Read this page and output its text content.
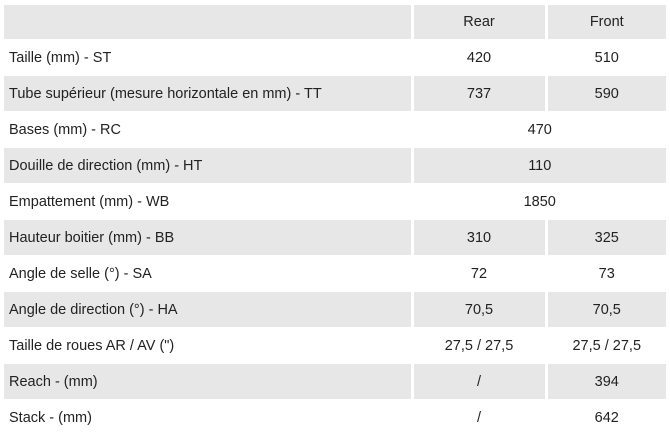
	Rear	Front
Taille (mm) - ST	420	510
Tube supérieur (mesure horizontale en mm) - TT	737	590
Bases (mm) - RC	470	
Douille de direction (mm) - HT	110	
Empattement (mm) - WB	1850	
Hauteur boitier (mm) - BB	310	325
Angle de selle (°) - SA	72	73
Angle de direction (°) - HA	70,5	70,5
Taille de roues AR / AV (")	27,5 / 27,5	27,5 / 27,5
Reach - (mm)	/	394
Stack - (mm)	/	642
